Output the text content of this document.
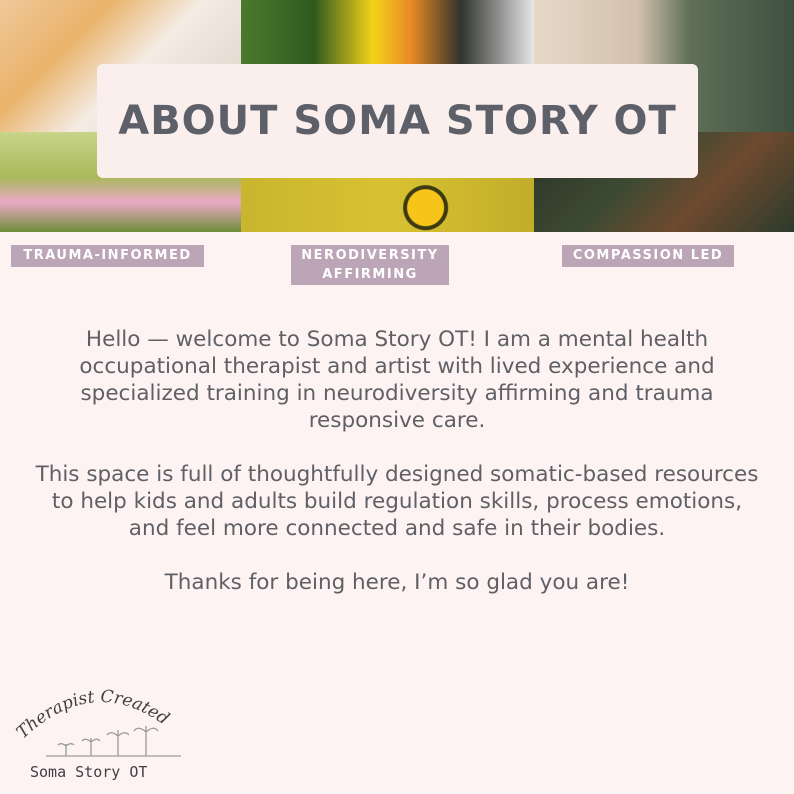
ABOUT SOMA STORY OT
TRAUMA-INFORMED	NERODIVERSITY AFFIRMING
COMPASSION LED

Hello — welcome to Soma Story OT! I am a mental health occupational therapist and artist with lived experience and specialized training in neurodiversity affirming and trauma responsive care.

This space is full of thoughtfully designed somatic-based resources to help kids and adults build regulation skills, process emotions, and feel more connected and safe in their bodies.

Thanks for being here, I’m so glad you are!

Therapist Created
Soma Story OT
